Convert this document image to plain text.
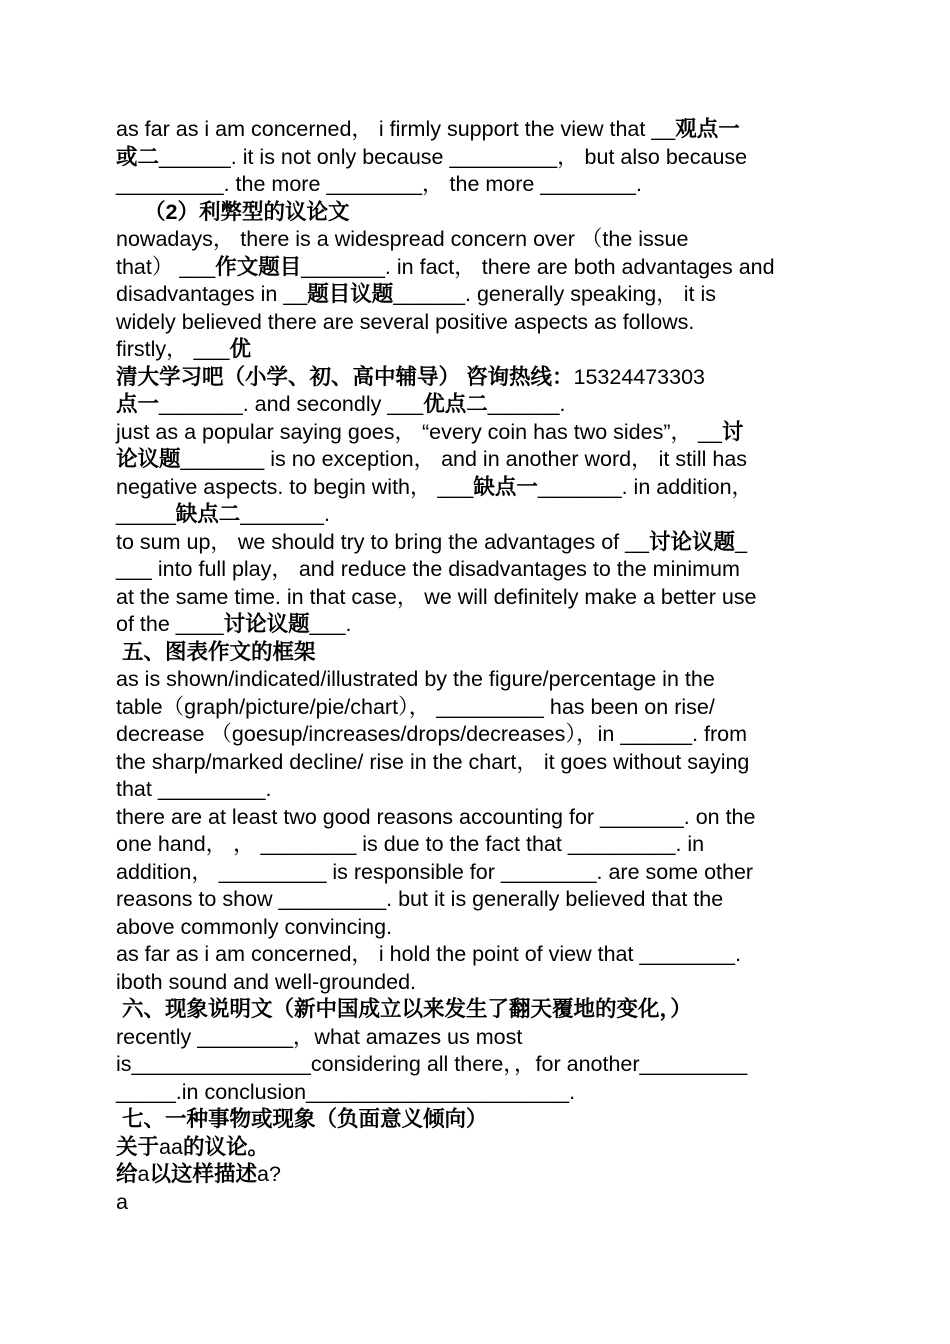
as far as i am concerned， i firmly support the view that __观点一
或二______. it is not only because _________， but also because
_________. the more ________， the more ________.
（2）利弊型的议论文
nowadays， there is a widespread concern over （the issue
that） ___作文题目_______. in fact， there are both advantages and
disadvantages in __题目议题______. generally speaking， it is
widely believed there are several positive aspects as follows.
firstly， ___优
清大学习吧（小学、初、高中辅导） 咨询热线：15324473303
点一_______. and secondly ___优点二______.
just as a popular saying goes， “every coin has two sides”， __讨
论议题_______ is no exception， and in another word， it still has
negative aspects. to begin with， ___缺点一_______. in addition，
_____缺点二_______.
to sum up， we should try to bring the advantages of __讨论议题_
___ into full play， and reduce the disadvantages to the minimum
at the same time. in that case， we will definitely make a better use
of the ____讨论议题___.
五、图表作文的框架
as is shown/indicated/illustrated by the figure/percentage in the
table（graph/picture/pie/chart）， _________ has been on rise/
decrease （goesup/increases/drops/decreases），in ______. from
the sharp/marked decline/ rise in the chart， it goes without saying
that _________.
there are at least two good reasons accounting for _______. on the
one hand， ， ________ is due to the fact that _________. in
addition， _________ is responsible for ________. are some other
reasons to show _________. but it is generally believed that the
above commonly convincing.
as far as i am concerned， i hold the point of view that ________.
iboth sound and well-grounded.
六、现象说明文（新中国成立以来发生了翻天覆地的变化，）
recently ________，what amazes us most
is_______________considering all there，，for another_________
_____.in conclusion______________________.
七、一种事物或现象（负面意义倾向）
关于aa的议论。
给a以这样描述a?
a
